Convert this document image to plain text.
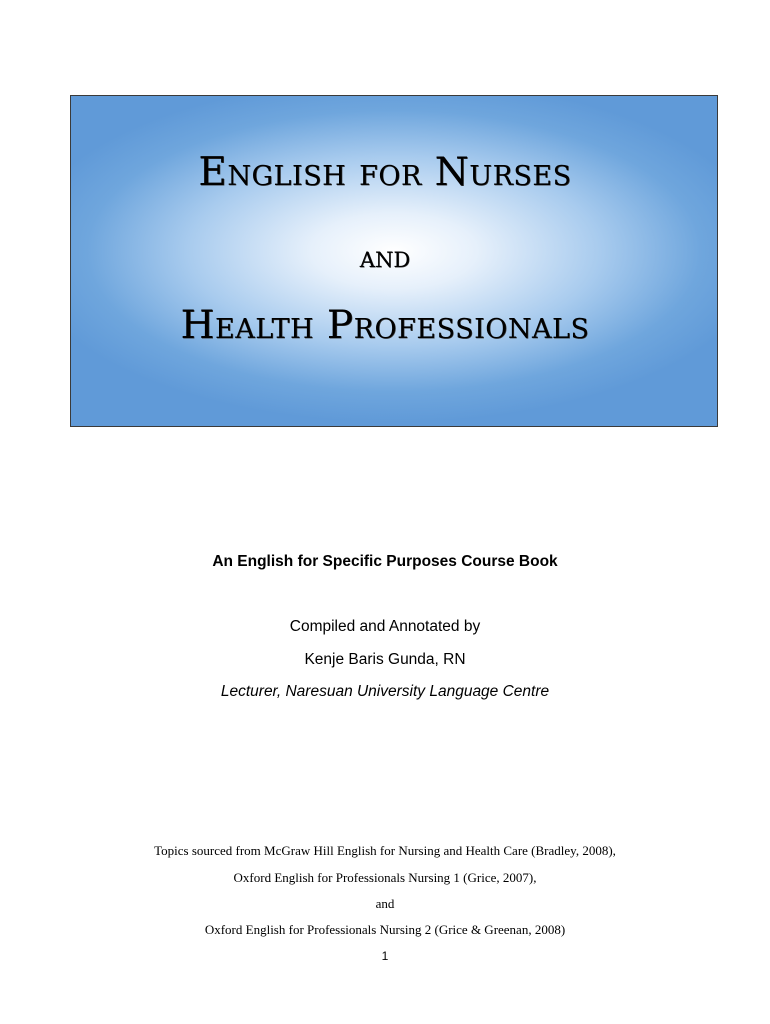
English for Nurses
and
Health Professionals
An English for Specific Purposes Course Book
Compiled and Annotated by
Kenje Baris Gunda, RN
Lecturer, Naresuan University Language Centre
Topics sourced from McGraw Hill English for Nursing and Health Care (Bradley, 2008),
Oxford English for Professionals Nursing 1 (Grice, 2007),
and
Oxford English for Professionals Nursing 2 (Grice & Greenan, 2008)
1
